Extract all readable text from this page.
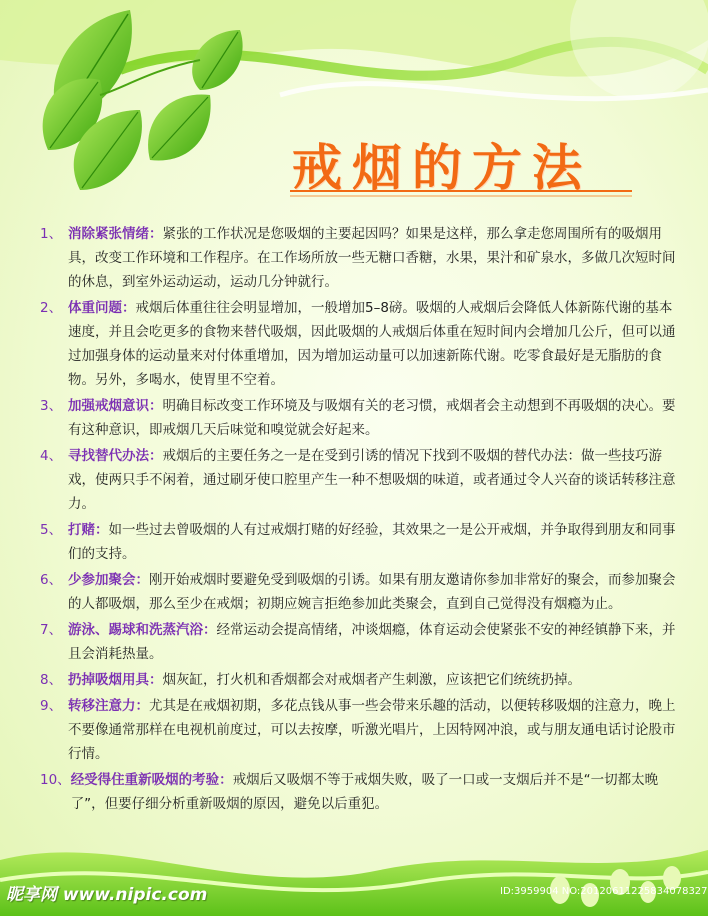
戒烟的方法
1、 消除紧张情绪：紧张的工作状况是您吸烟的主要起因吗？如果是这样，那么拿走您周围所有的吸烟用具，改变工作环境和工作程序。在工作场所放一些无糖口香糖，水果，果汁和矿泉水，多做几次短时间的休息，到室外运动运动，运动几分钟就行。
2、 体重问题：戒烟后体重往往会明显增加，一般增加5–8磅。吸烟的人戒烟后会降低人体新陈代谢的基本速度，并且会吃更多的食物来替代吸烟，因此吸烟的人戒烟后体重在短时间内会增加几公斤，但可以通过加强身体的运动量来对付体重增加，因为增加运动量可以加速新陈代谢。吃零食最好是无脂肪的食物。另外，多喝水，使胃里不空着。
3、 加强戒烟意识：明确目标改变工作环境及与吸烟有关的老习惯，戒烟者会主动想到不再吸烟的决心。要有这种意识，即戒烟几天后味觉和嗅觉就会好起来。
4、 寻找替代办法：戒烟后的主要任务之一是在受到引诱的情况下找到不吸烟的替代办法：做一些技巧游戏，使两只手不闲着，通过刷牙使口腔里产生一种不想吸烟的味道，或者通过令人兴奋的谈话转移注意力。
5、 打赌：如一些过去曾吸烟的人有过戒烟打赌的好经验，其效果之一是公开戒烟，并争取得到朋友和同事们的支持。
6、 少参加聚会：刚开始戒烟时要避免受到吸烟的引诱。如果有朋友邀请你参加非常好的聚会，而参加聚会的人都吸烟，那么至少在戒烟；初期应婉言拒绝参加此类聚会，直到自己觉得没有烟瘾为止。
7、 游泳、踢球和洗蒸汽浴：经常运动会提高情绪，冲谈烟瘾，体育运动会使紧张不安的神经镇静下来，并且会消耗热量。
8、 扔掉吸烟用具：烟灰缸，打火机和香烟都会对戒烟者产生刺激，应该把它们统统扔掉。
9、 转移注意力：尤其是在戒烟初期，多花点钱从事一些会带来乐趣的活动，以便转移吸烟的注意力，晚上不要像通常那样在电视机前度过，可以去按摩，听激光唱片，上因特网冲浪，或与朋友通电话讨论股市行情。
10、 经受得住重新吸烟的考验：戒烟后又吸烟不等于戒烟失败，吸了一口或一支烟后并不是“一切都太晚了”，但要仔细分析重新吸烟的原因，避免以后重犯。
昵享网 www.nipic.com	ID:3959904 NO:20120611225834078327
